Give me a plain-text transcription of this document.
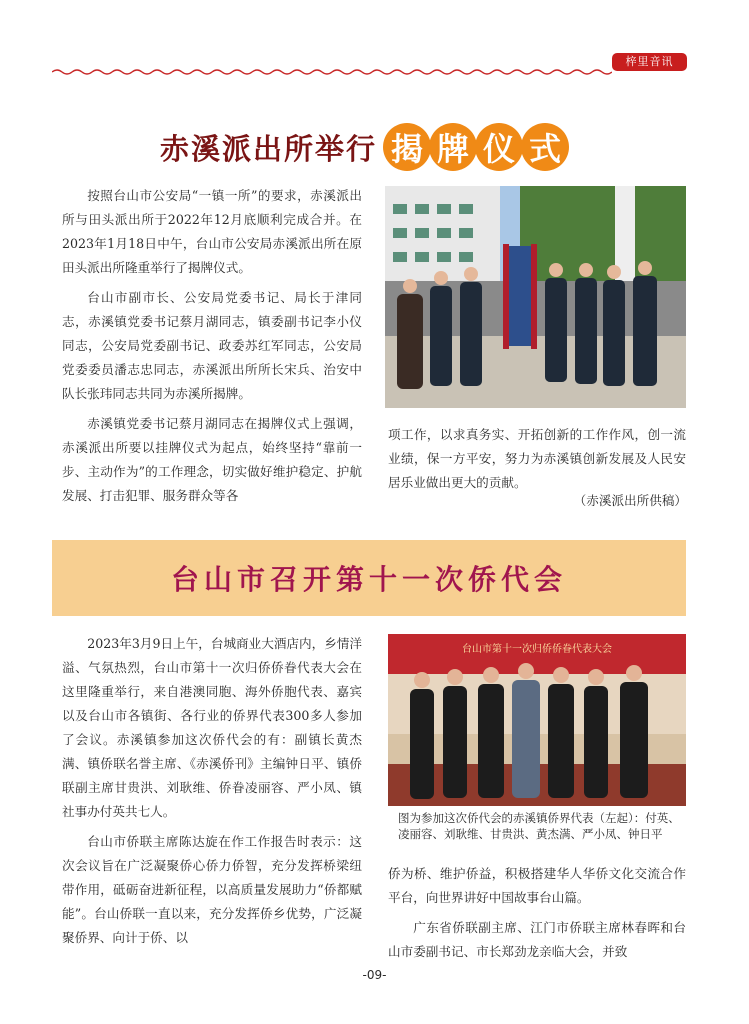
梓里音讯
赤溪派出所举行 揭 牌 仪 式

按照台山市公安局“一镇一所”的要求，赤溪派出所与田头派出所于2022年12月底顺利完成合并。在2023年1月18日中午，台山市公安局赤溪派出所在原田头派出所隆重举行了揭牌仪式。

台山市副市长、公安局党委书记、局长于津同志，赤溪镇党委书记蔡月湖同志，镇委副书记李小仪同志，公安局党委副书记、政委苏红军同志，公安局党委委员潘志忠同志，赤溪派出所所长宋兵、治安中队长张玮同志共同为赤溪所揭牌。

赤溪镇党委书记蔡月湖同志在揭牌仪式上强调，赤溪派出所要以挂牌仪式为起点，始终坚持“靠前一步、主动作为”的工作理念，切实做好维护稳定、护航发展、打击犯罪、服务群众等各

项工作，以求真务实、开拓创新的工作作风，创一流业绩，保一方平安，努力为赤溪镇创新发展及人民安居乐业做出更大的贡献。

（赤溪派出所供稿）
台山市召开第十一次侨代会

2023年3月9日上午，台城商业大酒店内，乡情洋溢、气氛热烈，台山市第十一次归侨侨眷代表大会在这里隆重举行，来自港澳同胞、海外侨胞代表、嘉宾以及台山市各镇街、各行业的侨界代表300多人参加了会议。赤溪镇参加这次侨代会的有：副镇长黄杰满、镇侨联名誉主席、《赤溪侨刊》主编钟日平、镇侨联副主席甘贵洪、刘耿维、侨眷凌丽容、严小凤、镇社事办付英共七人。

台山市侨联主席陈达旋在作工作报告时表示：这次会议旨在广泛凝聚侨心侨力侨智，充分发挥桥梁纽带作用，砥砺奋进新征程，以高质量发展助力“侨都赋能”。台山侨联一直以来，充分发挥侨乡优势，广泛凝聚侨界、向计于侨、以

台山市第十一次归侨侨眷代表大会
图为参加这次侨代会的赤溪镇侨界代表（左起）：付英、凌丽容、刘耿维、甘贵洪、黄杰满、严小凤、钟日平

侨为桥、维护侨益，积极搭建华人华侨文化交流合作平台，向世界讲好中国故事台山篇。

广东省侨联副主席、江门市侨联主席林春晖和台山市委副书记、市长郑劲龙亲临大会，并致

-09-
